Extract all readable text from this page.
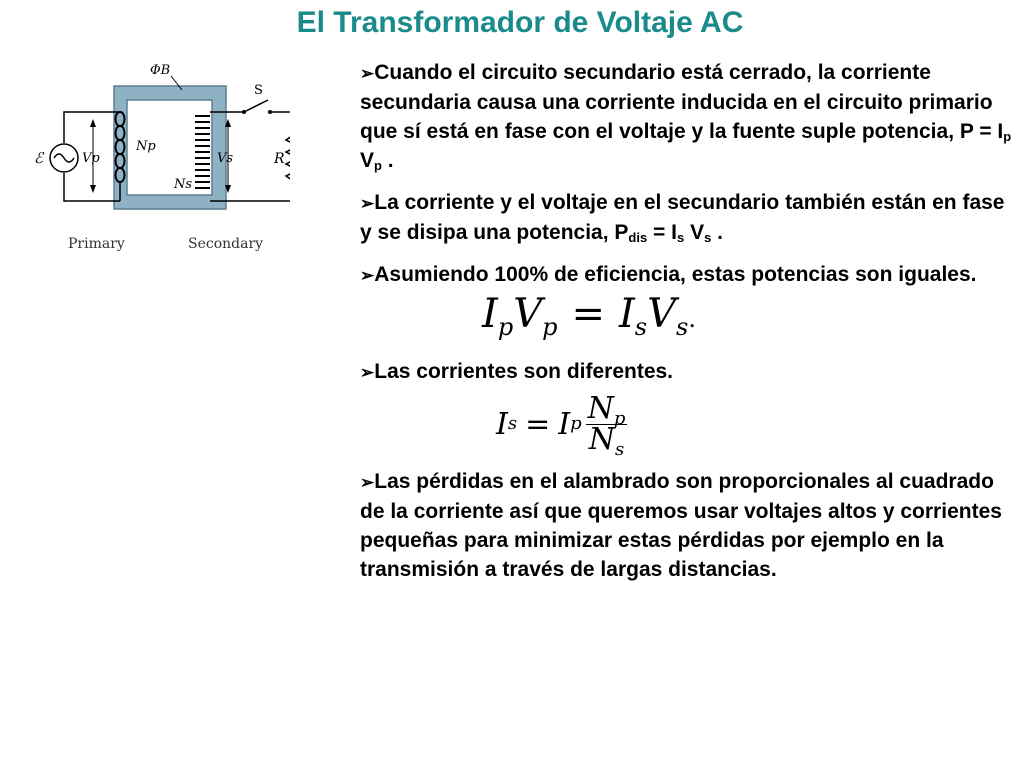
El Transformador de Voltaje AC
ΦB
ℰ	Vp
Np
Ns
S
R
Vs
Primary	Secondary

➢Cuando el circuito secundario está cerrado, la corriente secundaria causa una corriente inducida en el circuito primario que sí está en fase con el voltaje y la fuente suple potencia, $P = I_p$ $V_p$ .

➢La corriente y el voltaje en el secundario también están en fase y se disipa una potencia, $P_{dis} = I_s$ $V_s$ .

➢Asumiendo 100% de eficiencia, estas potencias son iguales.

$I_pV_p = I_sV_s$.

➢Las corrientes son diferentes.

I s = I p $\frac{N_p}{N_s}$

➢Las pérdidas en el alambrado son proporcionales al cuadrado de la corriente así que queremos usar voltajes altos y corrientes pequeñas para minimizar estas pérdidas por ejemplo en la transmisión a través de largas distancias.
